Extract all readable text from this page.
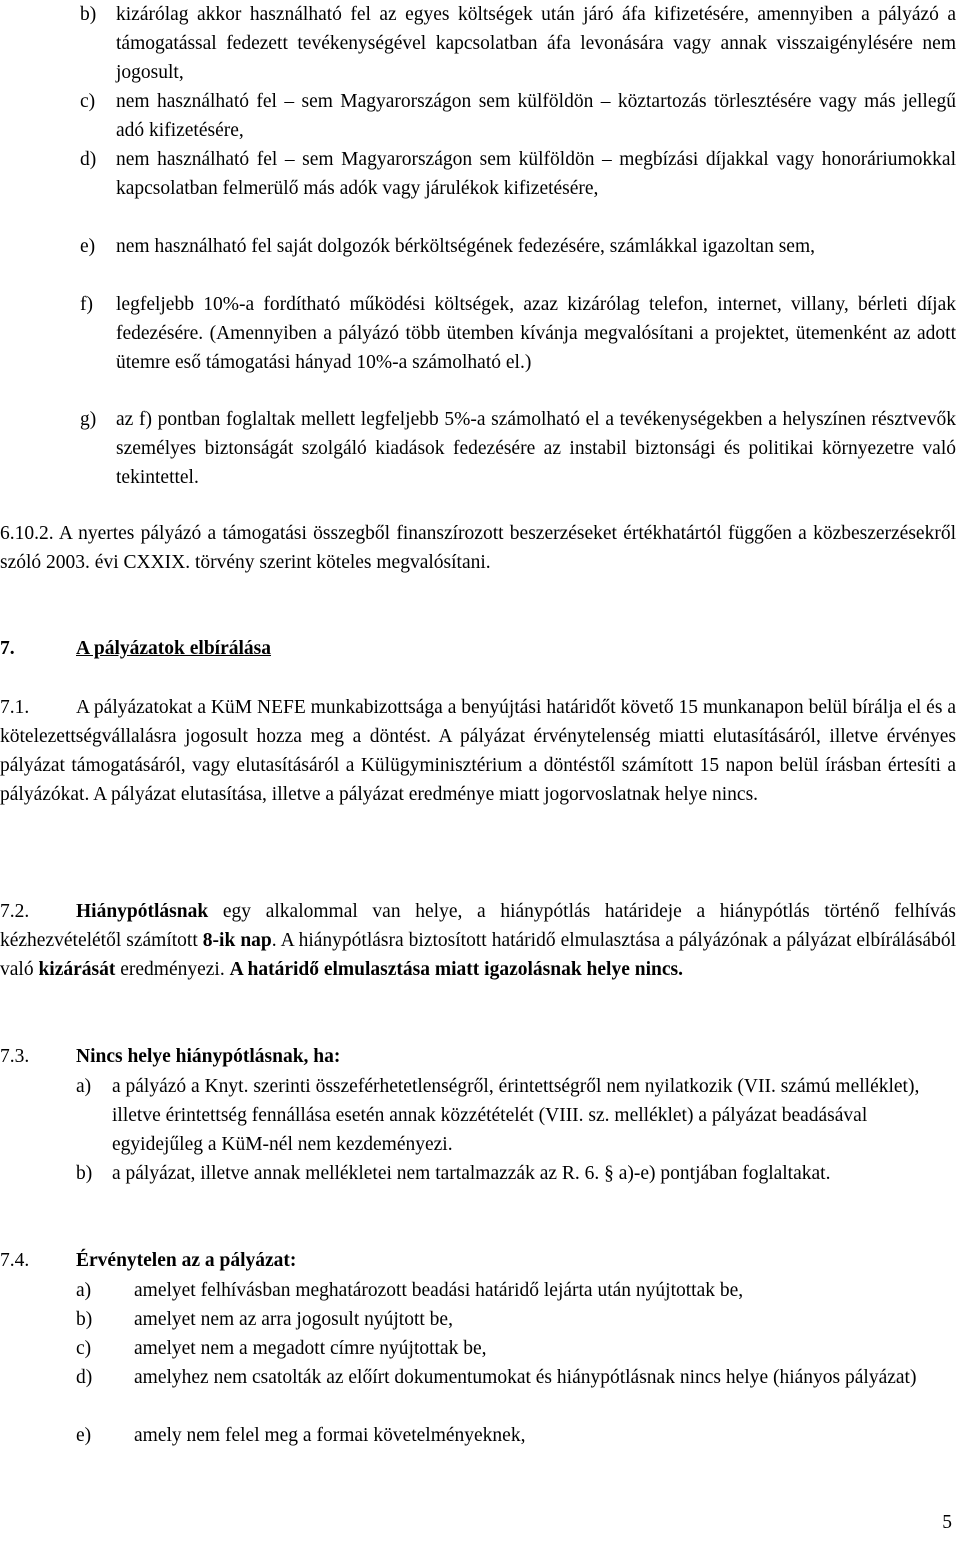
b) kizárólag akkor használható fel az egyes költségek után járó áfa kifizetésére, amennyiben a pályázó a támogatással fedezett tevékenységével kapcsolatban áfa levonására vagy annak visszaigénylésére nem jogosult,
c) nem használható fel – sem Magyarországon sem külföldön – köztartozás törlesztésére vagy más jellegű adó kifizetésére,
d) nem használható fel – sem Magyarországon sem külföldön – megbízási díjakkal vagy honoráriumokkal kapcsolatban felmerülő más adók vagy járulékok kifizetésére,
e) nem használható fel saját dolgozók bérköltségének fedezésére, számlákkal igazoltan sem,
f) legfeljebb 10%-a fordítható működési költségek, azaz kizárólag telefon, internet, villany, bérleti díjak fedezésére. (Amennyiben a pályázó több ütemben kívánja megvalósítani a projektet, ütemenként az adott ütemre eső támogatási hányad 10%-a számolható el.)
g) az f) pontban foglaltak mellett legfeljebb 5%-a számolható el a tevékenységekben a helyszínen résztvevők személyes biztonságát szolgáló kiadások fedezésére az instabil biztonsági és politikai környezetre való tekintettel.
6.10.2. A nyertes pályázó a támogatási összegből finanszírozott beszerzéseket értékhatártól függően a közbeszerzésekről szóló 2003. évi CXXIX. törvény szerint köteles megvalósítani.
7.	A pályázatok elbírálása
7.1. A pályázatokat a KüM NEFE munkabizottsága a benyújtási határidőt követő 15 munkanapon belül bírálja el és a kötelezettségvállalásra jogosult hozza meg a döntést. A pályázat érvénytelenség miatti elutasításáról, illetve érvényes pályázat támogatásáról, vagy elutasításáról a Külügyminisztérium a döntéstől számított 15 napon belül írásban értesíti a pályázókat. A pályázat elutasítása, illetve a pályázat eredménye miatt jogorvoslatnak helye nincs.
7.2. Hiánypótlásnak egy alkalommal van helye, a hiánypótlás határideje a hiánypótlás történő felhívás kézhezvételétől számított 8-ik nap. A hiánypótlásra biztosított határidő elmulasztása a pályázónak a pályázat elbírálásából való kizárását eredményezi. A határidő elmulasztása miatt igazolásnak helye nincs.
7.3. Nincs helye hiánypótlásnak, ha:
a) a pályázó a Knyt. szerinti összeférhetetlenségről, érintettségről nem nyilatkozik (VII. számú melléklet), illetve érintettség fennállása esetén annak közzétételét (VIII. sz. melléklet) a pályázat beadásával egyidejűleg a KüM-nél nem kezdeményezi.
b) a pályázat, illetve annak mellékletei nem tartalmazzák az R. 6. § a)-e) pontjában foglaltakat.
7.4. Érvénytelen az a pályázat:
a) amelyet felhívásban meghatározott beadási határidő lejárta után nyújtottak be,
b) amelyet nem az arra jogosult nyújtott be,
c) amelyet nem a megadott címre nyújtottak be,
d) amelyhez nem csatolták az előírt dokumentumokat és hiánypótlásnak nincs helye (hiányos pályázat)
e) amely nem felel meg a formai követelményeknek,
5
